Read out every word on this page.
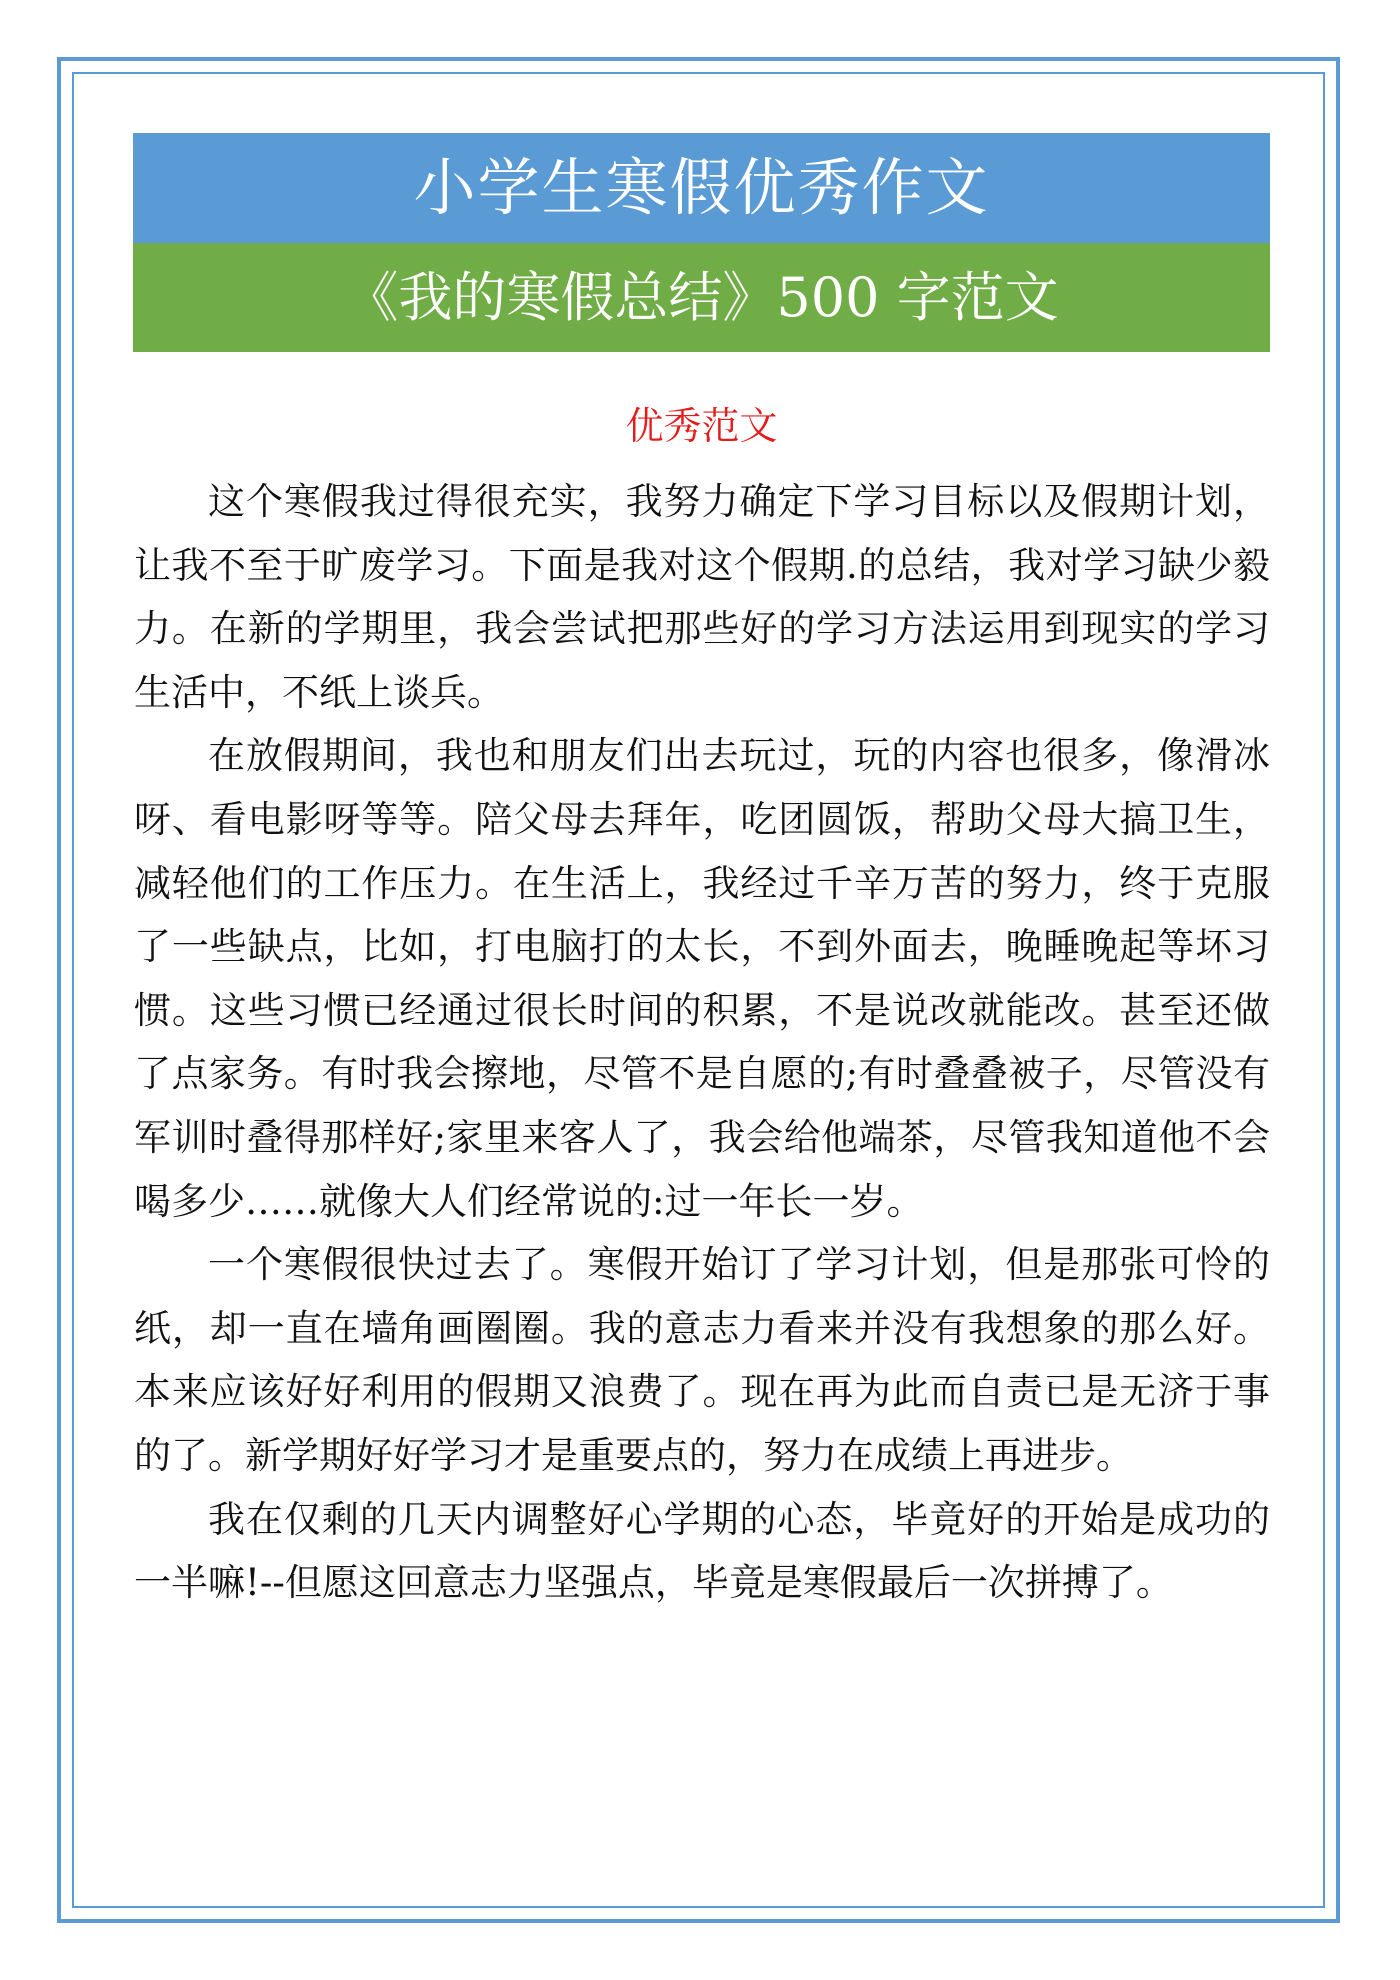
小学生寒假优秀作文
《我的寒假总结》500 字范文
优秀范文

这个寒假我过得很充实，我努力确定下学习目标以及假期计划，让我不至于旷废学习。下面是我对这个假期.的总结，我对学习缺少毅力。在新的学期里，我会尝试把那些好的学习方法运用到现实的学习生活中，不纸上谈兵。

在放假期间，我也和朋友们出去玩过，玩的内容也很多，像滑冰呀、看电影呀等等。陪父母去拜年，吃团圆饭，帮助父母大搞卫生，减轻他们的工作压力。在生活上，我经过千辛万苦的努力，终于克服了一些缺点，比如，打电脑打的太长，不到外面去，晚睡晚起等坏习惯。这些习惯已经通过很长时间的积累，不是说改就能改。甚至还做了点家务。有时我会擦地，尽管不是自愿的;有时叠叠被子，尽管没有军训时叠得那样好;家里来客人了，我会给他端茶，尽管我知道他不会喝多少……就像大人们经常说的:过一年长一岁。

一个寒假很快过去了。寒假开始订了学习计划，但是那张可怜的纸，却一直在墙角画圈圈。我的意志力看来并没有我想象的那么好。本来应该好好利用的假期又浪费了。现在再为此而自责已是无济于事的了。新学期好好学习才是重要点的，努力在成绩上再进步。

我在仅剩的几天内调整好心学期的心态，毕竟好的开始是成功的一半嘛!--但愿这回意志力坚强点，毕竟是寒假最后一次拼搏了。
